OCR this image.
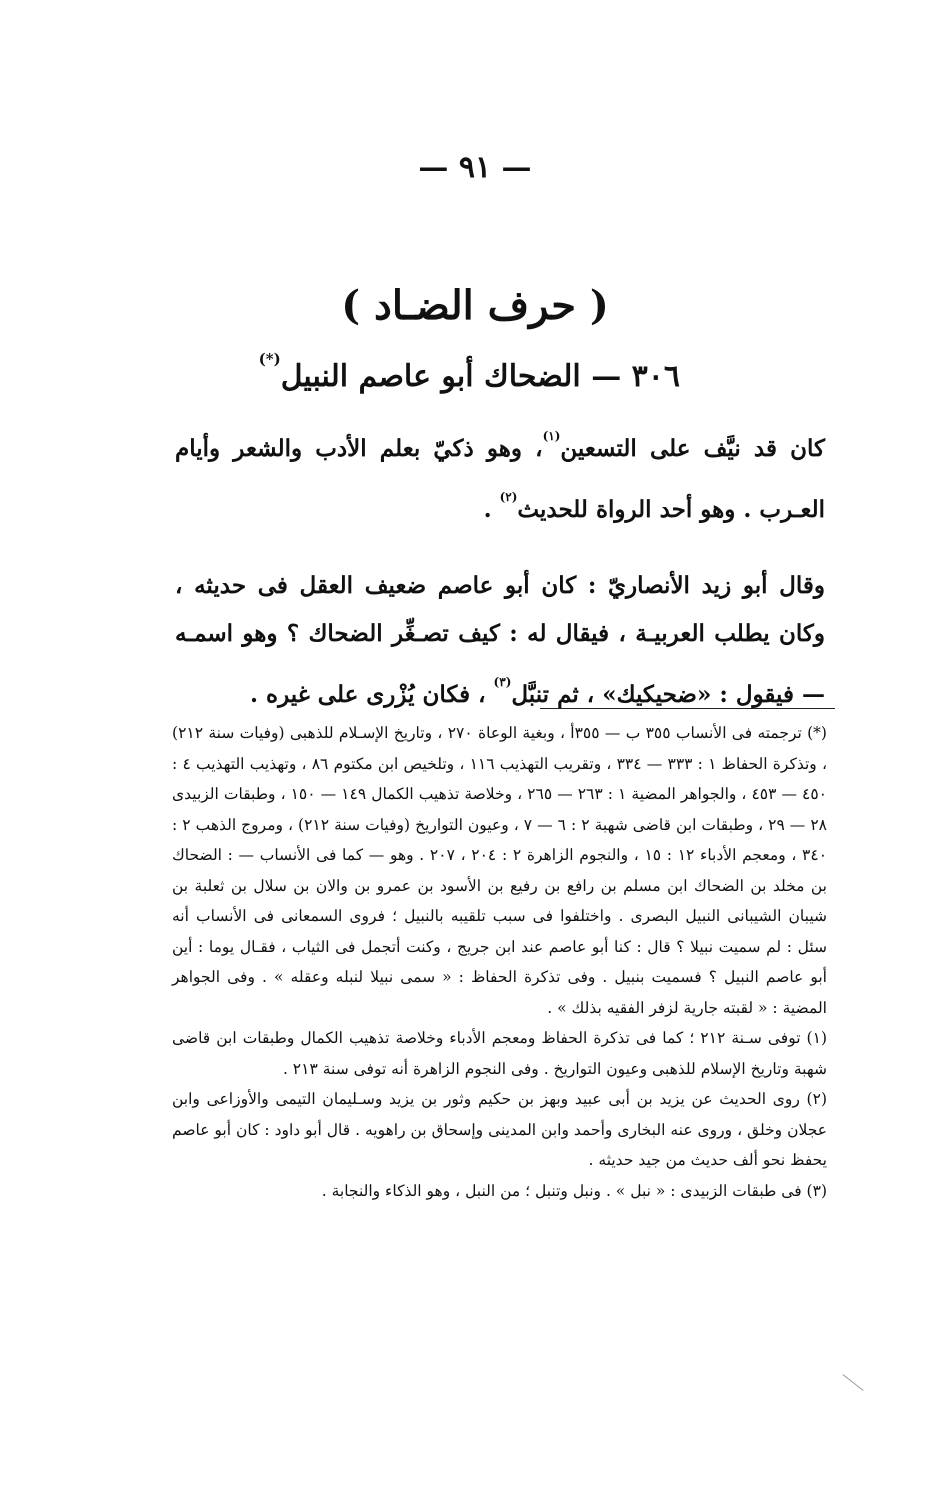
— ٩١ —
( حرف الضـاد )
٣٠٦ — الضحاك أبو عاصم النبيل(*)

كان قد نيَّف على التسعين$^{(١)}$، وهو ذكيّ بعلم الأدب والشعر وأيام العـرب . وهو أحد الرواة للحديث$^{(٢)}$ .

وقال أبو زيد الأنصاريّ : كان أبو عاصم ضعيف العقل فى حديثه ، وكان يطلب العربيـة ، فيقال له : كيف تصـغِّر الضحاك ؟ وهو اسمـه — فيقول : «ضحيكيك» ، ثم تنبَّل$^{(٣)}$ ، فكان يُزْرى على غيره .

(*) ترجمته فى الأنساب ٣٥٥ ب — ٣٥٥أ ، وبغية الوعاة ٢٧٠ ، وتاريخ الإسـلام للذهبى (وفيات سنة ٢١٢) ، وتذكرة الحفاظ ١ : ٣٣٣ — ٣٣٤ ، وتقريب التهذيب ١١٦ ، وتلخيص ابن مكتوم ٨٦ ، وتهذيب التهذيب ٤ : ٤٥٠ — ٤٥٣ ، والجواهر المضية ١ : ٢٦٣ — ٢٦٥ ، وخلاصة تذهيب الكمال ١٤٩ — ١٥٠ ، وطبقات الزبيدى ٢٨ — ٢٩ ، وطبقات ابن قاضى شهبة ٢ : ٦ — ٧ ، وعيون التواريخ (وفيات سنة ٢١٢) ، ومروج الذهب ٢ : ٣٤٠ ، ومعجم الأدباء ١٢ : ١٥ ، والنجوم الزاهرة ٢ : ٢٠٤ ، ٢٠٧ . وهو — كما فى الأنساب — : الضحاك بن مخلد بن الضحاك ابن مسلم بن رافع بن رفيع بن الأسود بن عمرو بن والان بن سلال بن ثعلبة بن شيبان الشيبانى النبيل البصرى . واختلفوا فى سبب تلقيبه بالنبيل ؛ فروى السمعانى فى الأنساب أنه سئل : لم سميت نبيلا ؟ قال : كنا أبو عاصم عند ابن جريج ، وكنت أتجمل فى الثياب ، فقـال يوما : أين أبو عاصم النبيل ؟ فسميت بنبيل . وفى تذكرة الحفاظ : « سمى نبيلا لنبله وعقله » . وفى الجواهر المضية : « لقبته جارية لزفر الفقيه بذلك » .

(١) توفى سـنة ٢١٢ ؛ كما فى تذكرة الحفاظ ومعجم الأدباء وخلاصة تذهيب الكمال وطبقات ابن قاضى شهبة وتاريخ الإسلام للذهبى وعيون التواريخ . وفى النجوم الزاهرة أنه توفى سنة ٢١٣ .

(٢) روى الحديث عن يزيد بن أبى عبيد وبهز بن حكيم وثور بن يزيد وسـليمان التيمى والأوزاعى وابن عجلان وخلق ، وروى عنه البخارى وأحمد وابن المدينى وإسحاق بن راهويه . قال أبو داود : كان أبو عاصم يحفظ نحو ألف حديث من جيد حديثه .

(٣) فى طبقات الزبيدى : « نبل » . ونبل وتنبل ؛ من النبل ، وهو الذكاء والنجابة .
